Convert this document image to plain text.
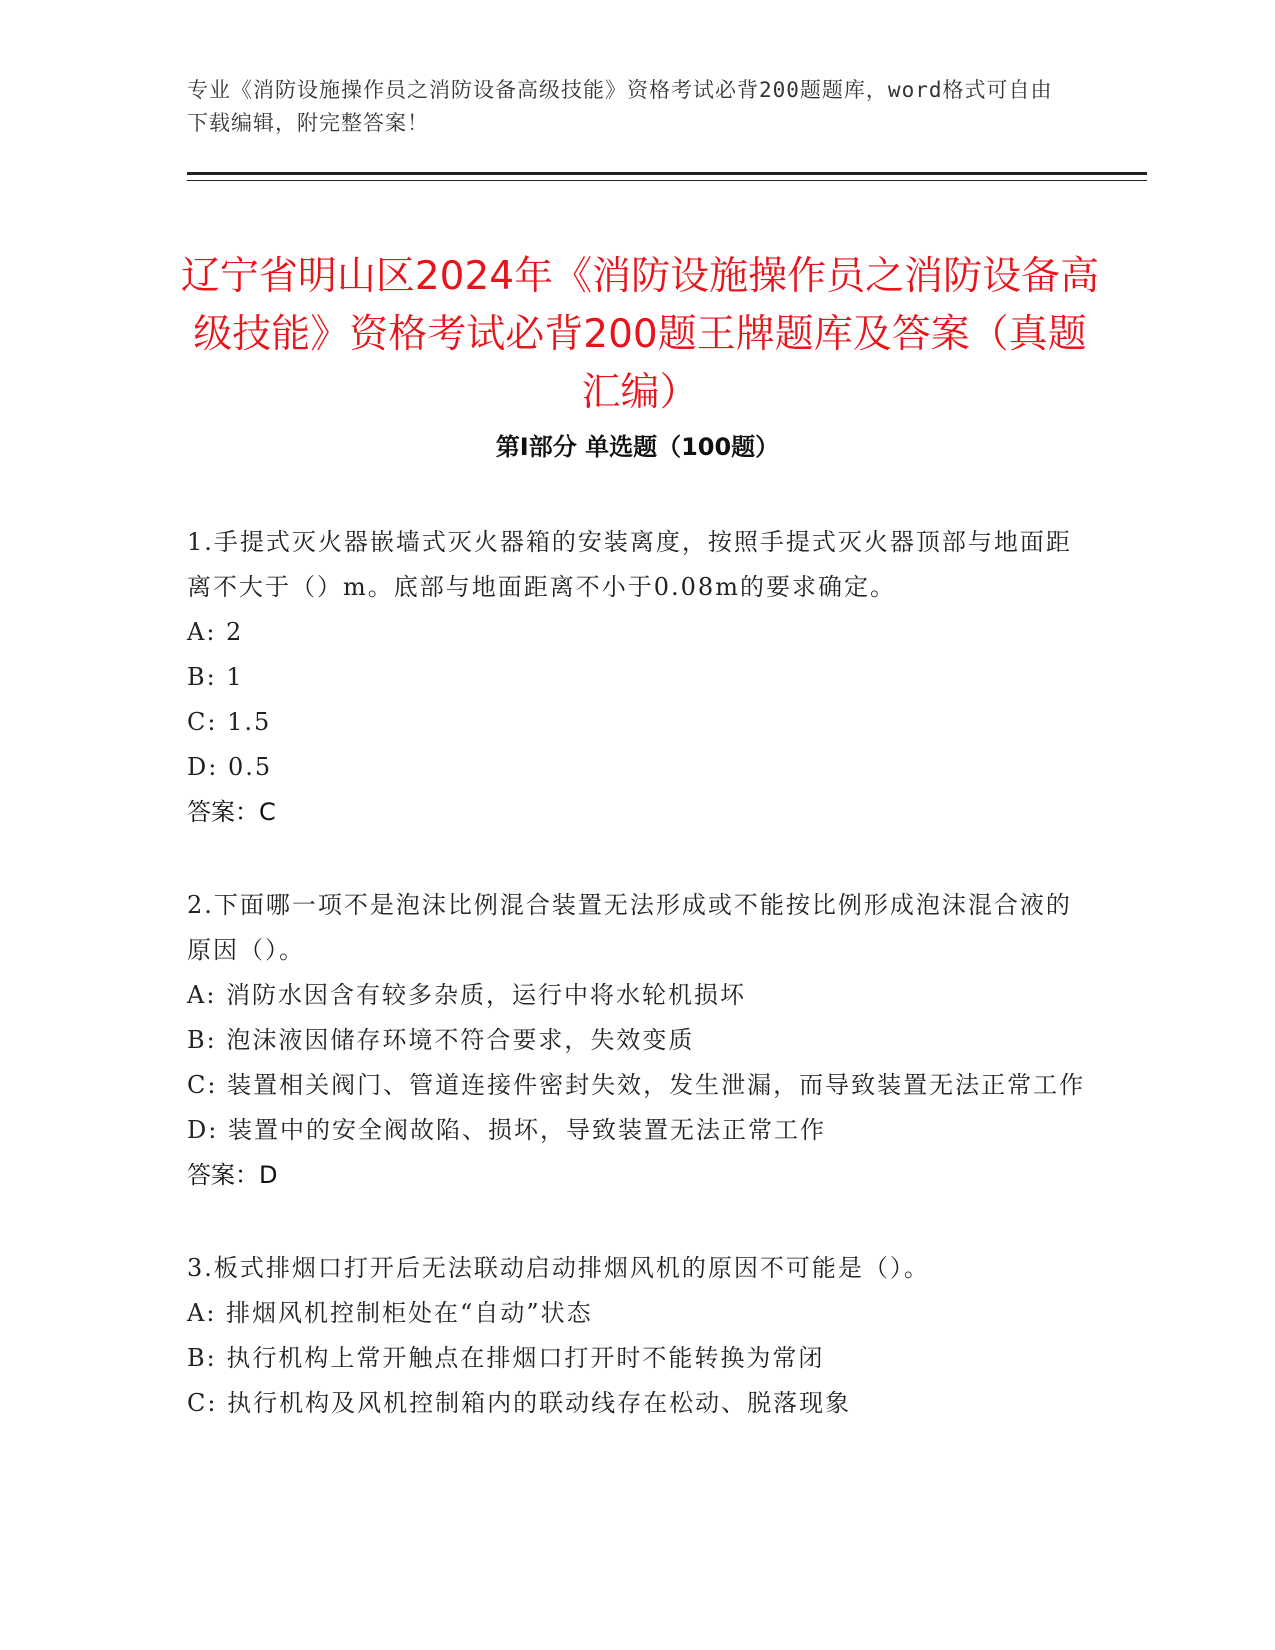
专业《消防设施操作员之消防设备高级技能》资格考试必背200题题库，word格式可自由下载编辑，附完整答案！
辽宁省明山区2024年《消防设施操作员之消防设备高级技能》资格考试必背200题王牌题库及答案（真题汇编）
第Ⅰ部分 单选题（100题）

1.手提式灭火器嵌墙式灭火器箱的安装离度，按照手提式灭火器顶部与地面距离不大于（）m。底部与地面距离不小于0.08m的要求确定。

A: 2

B: 1

C: 1.5

D: 0.5

答案：C

2.下面哪一项不是泡沫比例混合装置无法形成或不能按比例形成泡沫混合液的原因（）。

A: 消防水因含有较多杂质，运行中将水轮机损坏

B: 泡沫液因储存环境不符合要求，失效变质

C: 装置相关阀门、管道连接件密封失效，发生泄漏，而导致装置无法正常工作

D: 装置中的安全阀故陷、损坏，导致装置无法正常工作

答案：D

3.板式排烟口打开后无法联动启动排烟风机的原因不可能是（）。

A: 排烟风机控制柜处在“自动”状态

B: 执行机构上常开触点在排烟口打开时不能转换为常闭

C: 执行机构及风机控制箱内的联动线存在松动、脱落现象
